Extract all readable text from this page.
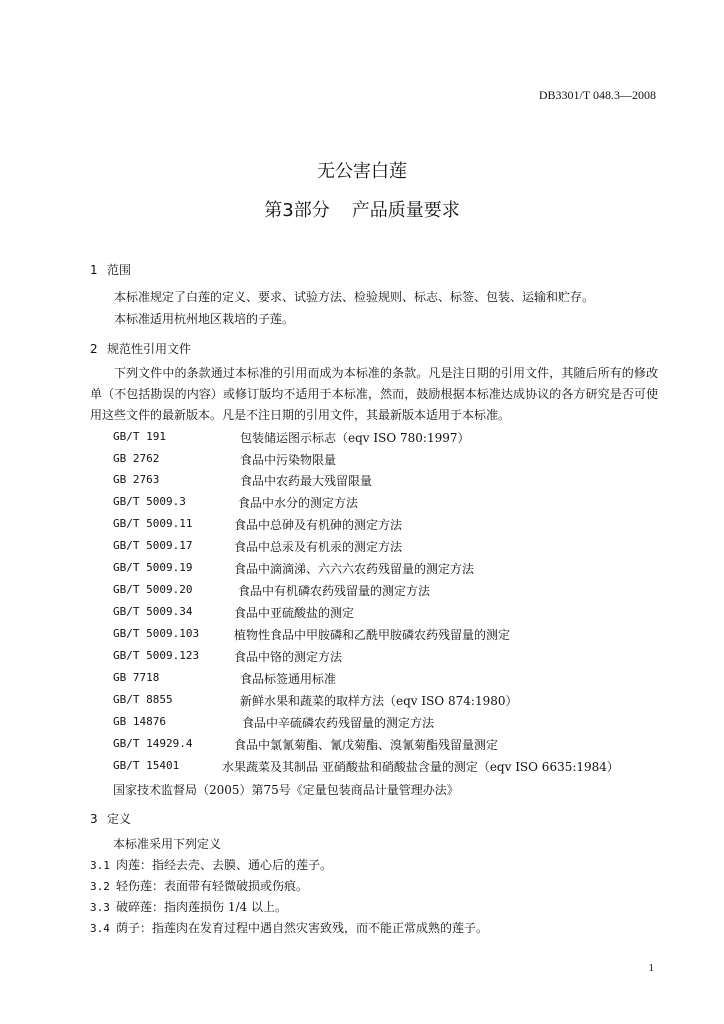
DB3301/T 048.3—2008
无公害白莲
第3部分 产品质量要求
1 范围
本标准规定了白莲的定义、要求、试验方法、检验规则、标志、标签、包装、运输和贮存。
本标准适用杭州地区栽培的子莲。
2 规范性引用文件
下列文件中的条款通过本标准的引用而成为本标准的条款。凡是注日期的引用文件，其随后所有的修改单（不包括勘误的内容）或修订版均不适用于本标准，然而，鼓励根据本标准达成协议的各方研究是否可使用这些文件的最新版本。凡是不注日期的引用文件，其最新版本适用于本标准。
GB/T 191	包装储运图示标志（eqv ISO 780:1997）
GB 2762	食品中污染物限量
GB 2763	食品中农药最大残留限量
GB/T 5009.3	食品中水分的测定方法
GB/T 5009.11	食品中总砷及有机砷的测定方法
GB/T 5009.17	食品中总汞及有机汞的测定方法
GB/T 5009.19	食品中滴滴涕、六六六农药残留量的测定方法
GB/T 5009.20	食品中有机磷农药残留量的测定方法
GB/T 5009.34	食品中亚硫酸盐的测定
GB/T 5009.103	植物性食品中甲胺磷和乙酰甲胺磷农药残留量的测定
GB/T 5009.123	食品中铬的测定方法
GB 7718	食品标签通用标准
GB/T 8855	新鲜水果和蔬菜的取样方法（eqv ISO 874:1980）
GB 14876	食品中辛硫磷农药残留量的测定方法
GB/T 14929.4	食品中氯氰菊酯、氰戊菊酯、溴氰菊酯残留量测定
GB/T 15401	水果蔬菜及其制品 亚硝酸盐和硝酸盐含量的测定（eqv ISO 6635:1984）
国家技术监督局（2005）第75号《定量包装商品计量管理办法》
3 定义
本标准采用下列定义
3.1 肉莲：指经去壳、去膜、通心后的莲子。
3.2 轻伤莲：表面带有轻微破损或伤痕。
3.3 破碎莲：指肉莲损伤 1/4 以上。
3.4 荫子：指莲肉在发育过程中遇自然灾害致残，而不能正常成熟的莲子。
1
